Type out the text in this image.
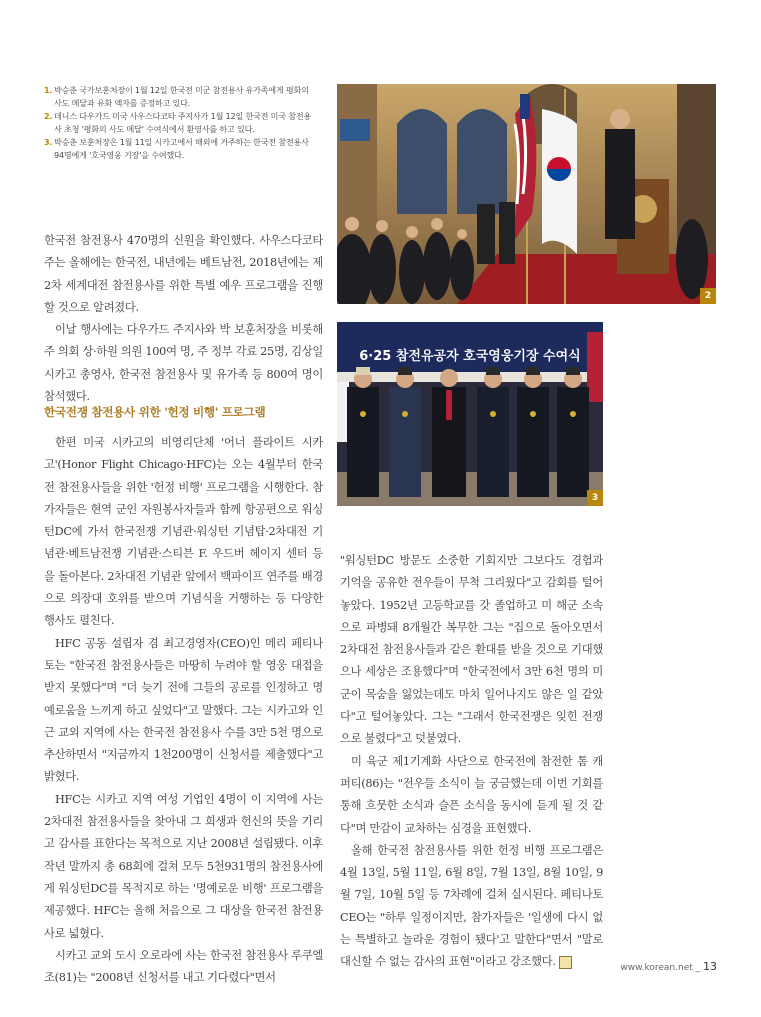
1. 박승춘 국가보훈처장이 1월 12일 한국전 미군 참전용사 유가족에게 평화의 사도 메달과 유화 액자를 증정하고 있다.
2. 데니스 다우가드 미국 사우스다코타 주지사가 1월 12일 한국전 미국 참전용사 초청 '평화의 사도 메달' 수여식에서 환영사를 하고 있다.
3. 박승춘 보훈처장은 1월 11일 시카고에서 해외에 거주하는 한국전 참전용사 94명에게 '호국영웅 기장'을 수여했다.
2
6·25 참전유공자 호국영웅기장 수여식
3

한국전 참전용사 470명의 신원을 확인했다. 사우스다코타 주는 올해에는 한국전, 내년에는 베트남전, 2018년에는 제2차 세계대전 참전용사를 위한 특별 예우 프로그램을 진행할 것으로 알려졌다.

이날 행사에는 다우가드 주지사와 박 보훈처장을 비롯해 주 의회 상·하원 의원 100여 명, 주 정부 각료 25명, 김상일 시카고 총영사, 한국전 참전용사 및 유가족 등 800여 명이 참석했다.

한국전쟁 참전용사 위한 '헌정 비행' 프로그램

한편 미국 시카고의 비영리단체 '어너 플라이트 시카고'(Honor Flight Chicago·HFC)는 오는 4월부터 한국전 참전용사들을 위한 '헌정 비행' 프로그램을 시행한다. 참가자들은 현역 군인 자원봉사자들과 함께 항공편으로 워싱턴DC에 가서 한국전쟁 기념관·워싱턴 기념탑·2차대전 기념관·베트남전쟁 기념관·스티븐 F. 우드버 헤이지 센터 등을 돌아본다. 2차대전 기념관 앞에서 백파이프 연주를 배경으로 의장대 호위를 받으며 기념식을 거행하는 등 다양한 행사도 펼친다.

HFC 공동 설립자 겸 최고경영자(CEO)인 메리 페티나토는 "한국전 참전용사들은 마땅히 누려야 할 영웅 대접을 받지 못했다"며 "더 늦기 전에 그들의 공로를 인정하고 명예로움을 느끼게 하고 싶었다"고 말했다. 그는 시카고와 인근 교외 지역에 사는 한국전 참전용사 수를 3만 5천 명으로 추산하면서 "지금까지 1천200명이 신청서를 제출했다"고 밝혔다.

HFC는 시카고 지역 여성 기업인 4명이 이 지역에 사는 2차대전 참전용사들을 찾아내 그 희생과 헌신의 뜻을 기리고 감사를 표한다는 목적으로 지난 2008년 설립됐다. 이후 작년 말까지 총 68회에 걸쳐 모두 5천931명의 참전용사에게 워싱턴DC를 목적지로 하는 '명예로운 비행' 프로그램을 제공했다. HFC는 올해 처음으로 그 대상을 한국전 참전용사로 넓혔다.

시카고 교외 도시 오로라에 사는 한국전 참전용사 루쿠엘조(81)는 "2008년 신청서를 내고 기다렸다"면서

"워싱턴DC 방문도 소중한 기회지만 그보다도 경험과 기억을 공유한 전우들이 무척 그리웠다"고 감회를 털어놓았다. 1952년 고등학교를 갓 졸업하고 미 해군 소속으로 파병돼 8개월간 복무한 그는 "집으로 돌아오면서 2차대전 참전용사들과 같은 환대를 받을 것으로 기대했으나 세상은 조용했다"며 "한국전에서 3만 6천 명의 미군이 목숨을 잃었는데도 마치 일어나지도 않은 일 같았다"고 털어놓았다. 그는 "그래서 한국전쟁은 잊힌 전쟁으로 불렸다"고 덧붙였다.

미 육군 제1기계화 사단으로 한국전에 참전한 톰 캐퍼티(86)는 "전우들 소식이 늘 궁금했는데 이번 기회를 통해 흐뭇한 소식과 슬픈 소식을 동시에 듣게 될 것 같다"며 만감이 교차하는 심경을 표현했다.

올해 한국전 참전용사를 위한 헌정 비행 프로그램은 4월 13일, 5월 11일, 6월 8일, 7월 13일, 8월 10일, 9월 7일, 10월 5일 등 7차례에 걸쳐 실시된다. 페티나토 CEO는 "하루 일정이지만, 참가자들은 '일생에 다시 없는 특별하고 놀라운 경험이 됐다'고 말한다"면서 "말로 대신할 수 없는 감사의 표현"이라고 강조했다.	www.korean.net _ 13
